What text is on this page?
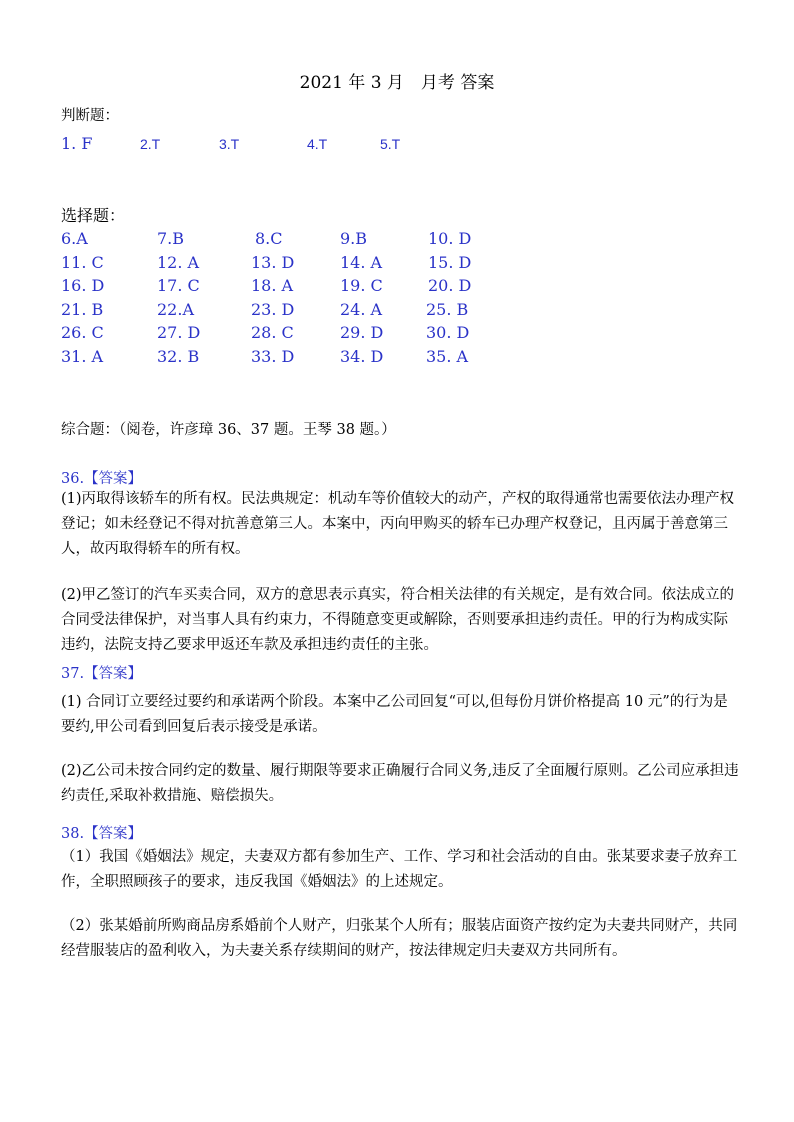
2021 年 3 月　月考 答案
判断题：
1. F	2.T	3.T	4.T	5.T
选择题：
6.A	7.B	8.C	9.B	10. D
11. C	12. A	13. D	14. A	15. D
16. D	17. C	18. A	19. C	20. D
21. B	22.A	23. D	24. A	25. B
26. C	27. D	28. C	29. D	30. D
31. A	32. B	33. D	34. D	35. A
综合题：（阅卷，许彦璋 36、37 题。王琴 38 题。）
36.【答案】

(1)丙取得该轿车的所有权。民法典规定：机动车等价值较大的动产，产权的取得通常也需要依法办理产权登记；如未经登记不得对抗善意第三人。本案中，丙向甲购买的轿车已办理产权登记，且丙属于善意第三人，故丙取得轿车的所有权。

(2)甲乙签订的汽车买卖合同，双方的意思表示真实，符合相关法律的有关规定，是有效合同。依法成立的合同受法律保护，对当事人具有约束力，不得随意变更或解除，否则要承担违约责任。甲的行为构成实际违约，法院支持乙要求甲返还车款及承担违约责任的主张。

37.【答案】

(1) 合同订立要经过要约和承诺两个阶段。本案中乙公司回复“可以,但每份月饼价格提高 10 元”的行为是要约,甲公司看到回复后表示接受是承诺。

(2)乙公司未按合同约定的数量、履行期限等要求正确履行合同义务,违反了全面履行原则。乙公司应承担违约责任,采取补救措施、赔偿损失。

38.【答案】

（1）我国《婚姻法》规定，夫妻双方都有参加生产、工作、学习和社会活动的自由。张某要求妻子放弃工作，全职照顾孩子的要求，违反我国《婚姻法》的上述规定。

（2）张某婚前所购商品房系婚前个人财产，归张某个人所有；服装店面资产按约定为夫妻共同财产，共同经营服装店的盈利收入，为夫妻关系存续期间的财产，按法律规定归夫妻双方共同所有。
